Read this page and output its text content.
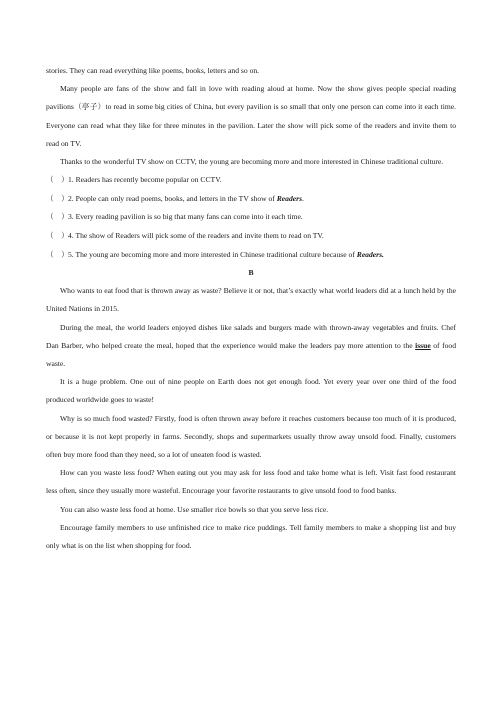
stories. They can read everything like poems, books, letters and so on.

Many people are fans of the show and fall in love with reading aloud at home. Now the show gives people special reading pavilions（亭子）to read in some big cities of China, but every pavilion is so small that only one person can come into it each time. Everyone can read what they like for three minutes in the pavilion. Later the show will pick some of the readers and invite them to read on TV.

Thanks to the wonderful TV show on CCTV, the young are becoming more and more interested in Chinese traditional culture.

（　）1. Readers has recently become popular on CCTV.

（　）2. People can only read poems, books, and letters in the TV show of Readers.

（　）3. Every reading pavilion is so big that many fans can come into it each time.

（　）4. The show of Readers will pick some of the readers and invite them to read on TV.

（　）5. The young are becoming more and more interested in Chinese traditional culture because of Readers.

B

Who wants to eat food that is thrown away as waste? Believe it or not, that’s exactly what world leaders did at a lunch held by the United Nations in 2015.

During the meal, the world leaders enjoyed dishes like salads and burgers made with thrown-away vegetables and fruits. Chef Dan Barber, who helped create the meal, hoped that the experience would make the leaders pay more attention to the issue of food waste.

It is a huge problem. One out of nine people on Earth does not get enough food. Yet every year over one third of the food produced worldwide goes to waste!

Why is so much food wasted? Firstly, food is often thrown away before it reaches customers because too much of it is produced, or because it is not kept properly in farms. Secondly, shops and supermarkets usually throw away unsold food. Finally, customers often buy more food than they need, so a lot of uneaten food is wasted.

How can you waste less food? When eating out you may ask for less food and take home what is left. Visit fast food restaurant less often, since they usually more wasteful. Encourage your favorite restaurants to give unsold food to food banks.

You can also waste less food at home. Use smaller rice bowls so that you serve less rice.

Encourage family members to use unfinished rice to make rice puddings. Tell family members to make a shopping list and buy only what is on the list when shopping for food.
